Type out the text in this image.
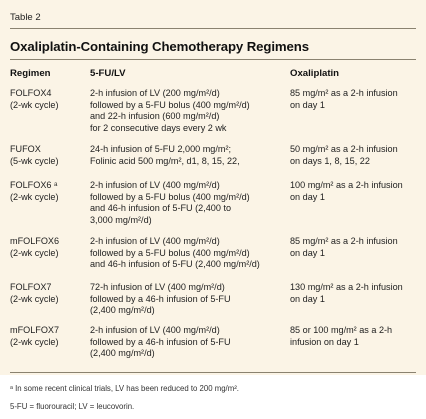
Table 2
Oxaliplatin-Containing Chemotherapy Regimens
Regimen	5-FU/LV	Oxaliplatin
FOLFOX4
(2-wk cycle)
2-h infusion of LV (200 mg/m²/d)
followed by a 5-FU bolus (400 mg/m²/d)
and 22-h infusion (600 mg/m²/d)
for 2 consecutive days every 2 wk
85 mg/m² as a 2-h infusion
on day 1
FUFOX
(5-wk cycle)
24-h infusion of 5-FU 2,000 mg/m²;
Folinic acid 500 mg/m², d1, 8, 15, 22,
50 mg/m² as a 2-h infusion
on days 1, 8, 15, 22
FOLFOX6 ᵃ
(2-wk cycle)
2-h infusion of LV (400 mg/m²/d)
followed by a 5-FU bolus (400 mg/m²/d)
and 46-h infusion of 5-FU (2,400 to
3,000 mg/m²/d)
100 mg/m² as a 2-h infusion
on day 1
mFOLFOX6
(2-wk cycle)
2-h infusion of LV (400 mg/m²/d)
followed by a 5-FU bolus (400 mg/m²/d)
and 46-h infusion of 5-FU (2,400 mg/m²/d)
85 mg/m² as a 2-h infusion
on day 1
FOLFOX7
(2-wk cycle)
72-h infusion of LV (400 mg/m²/d)
followed by a 46-h infusion of 5-FU
(2,400 mg/m²/d)
130 mg/m² as a 2-h infusion
on day 1
mFOLFOX7
(2-wk cycle)
2-h infusion of LV (400 mg/m²/d)
followed by a 46-h infusion of 5-FU
(2,400 mg/m²/d)
85 or 100 mg/m² as a 2-h
infusion on day 1
ᵃ In some recent clinical trials, LV has been reduced to 200 mg/m².
5-FU = fluorouracil; LV = leucovorin.
